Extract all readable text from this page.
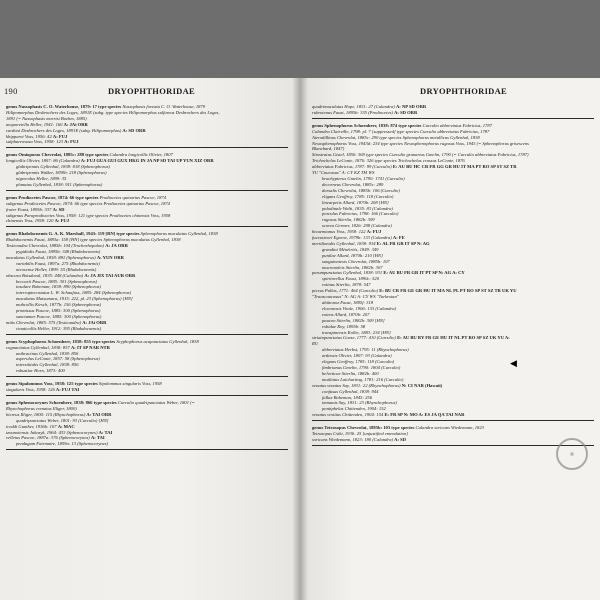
190	DRYOPHTHORIDAE	DRYOPHTHORIDAE
genus Nassophasis C. O. Waterhouse, 1879: 17 type species Nassophasis foveata C. O. Waterhouse, 1879
Hilipomorphus Desbrochers des Loges, 1891E (subg. type species Hilipomorphus sulfureus Desbrochers des Loges,
1891 (= Nassophasis morrisi Boehm, 1885)
aequoreiella Heller, 1941: 160 A: JAi ORR
cardoni Desbrochers des Loges, 1891E (subg. Hilipomorphus) A: SD ORR
khipparoi Voss, 1956: 42 A: FUJ
sulphureovasa Voss, 1958: 123 A: FUJ
genus Omioporas Chevrolat, 1885c: 288 type species Calandra longicollis Olivier, 1807
longicollis Olivier, 1807: 86 (Calandra) A: FUJ GUA GUI GUX HKG IN JA NP SD TAI UP YUN XIZ ORR
glabripennis Gyllenhal, 1838: 818 (Sphenophorus)
glabripennis Walker, 1859b: 218 (Sphenophorus)
nigrecolus Heller, 1899: 35
planatus Gyllenhal, 1838: 911 (Sphenophorus)
genus Prodiocetes Pascoe, 1874: 66 type species Prodiocetes quinarius Pascoe, 1874
subgenus Prodiocetes Pascoe, 1874: 66 type species Prodiocetes quinarius Pascoe, 1874
frater Faust, 1895b: 337 A: SD
subgenus Paraprodiocetes Voss, 1958: 121 type species Prodiocetes chinensis Voss, 1958
chinensis Voss, 1958: 120 A: FUJ
genus Rhabdocnemis G. A. K. Marshall, 1943: 119 [RN] type species Sphenophorus maculatus Gyllenhal, 1838
Rhabdocnemis Faust, 1883a: 158 [HN] type species Sphenophorus maculatus Gyllenhal, 1838
Testicandra Chevrolat, 1885b: 104 (Trochorhopalon) A: JA ORR
pygidialis Faust, 1895b: 348 (Rhabdocnemis)
maculatus Gyllenhal, 1838: 881 (Sphenophorus) A: YUN ORR
variabilis Faust, 1897a: 275 (Rhabdocnemis)
nicosense Heller, 1899: 55 (Rhabdocnemis)
obscura Boisduval, 1835: 448 (Calandra) A: JA JIX TAI AUR ORR
beccarii Pascoe, 1885: 301 (Sphenophorus)
insulare Boheman, 1838: 890 (Sphenophorus)
interruptecostatus L. W. Schaufuss, 1885: 284 (Sphenophorus)
maculatus Matsumura, 1915: 222, pl. 23 (Sphenophorus) [HN]
muhcollis Kirsch, 1877b: 156 (Sphenophorus)
promissus Pascoe, 1885: 300 (Sphenophorus)
sanctumar Pascoe, 1885: 300 (Sphenophorus)
mitis Chevrolat, 1885: 575 (Testicandra) A: JAi ORR
cinaticollis Heller, 1912: 395 (Rhabdocnemis)
genus Scyphophorus Schoenherr, 1838: 855 type species Scyphophorus acupunctatus Gyllenhal, 1838
cognacitatus Gyllenhal, 1838: 857 A: IT SP NAR NTR
anthracinus Gyllenhal, 1838: 856
asperulus LeConte, 1857: 58 (Sphenophorus)
interstitialis Gyllenhal, 1838: 856
robustior Horn, 1873: 400
genus Sipalommus Voss, 1958: 125 type species Sipalommus singularis Voss, 1958
singularis Voss, 1958: 126 A: FUJ TAI
genus Sphenocorynes Schoenherr, 1838: 866 type species Curculio quadripunctatus Weber, 1801 (=
Rhynchophorus crenatus Illiger, 1800)
bicreus Illiger, 1800: 115 (Rhynchophorus) A: TAI ORR
quadripunctatus Weber, 1801: 93 (Curculio) [HN]
iceddi Gunther, 1936b: 107 A: MAC
tzounotensis Jakozyk, 1964: 433 (Sphenocorynes) A: TAI
velletus Pascoe, 1887a: 376 (Sphenocorynes) A: TAI
pendagum Fairmaire, 1859a: 13 (Sphenocorynes)
quadrimaculatus Hope, 1831: 27 (Calandra) A: NP SD ORR
rubrotenus Faust, 1895b: 335 (Prodiocetes) A: SD ORR
genus Sphenophorus Schoenherr, 1838: 874 type species Curculio abbreviatus Fabricius, 1787
Calandra Clairville, 1798: pl. 7 [suppressed] type species Curculio abbreviatus Fabricius, 1787
Aterodillinus Chevrolat, 1885c: 290 type species Sphenophorus metallicus Gyllenhal, 1838
Nesosphenophorus Voss, 1943d: 234 type species Nesosphenophorus rugosus Voss, 1943 (= Sphenophorus grisescens
Blanchard, 1847)
Sitostratus Gistel, 1856: 369 type species Curculio granarius Gmelin, 1790 (= Curculio abbreviatus Fabricius, 1787)
Trichochelus LeConte, 1876: 326 type species Trichochelus crassus LeConte, 1876
abbreviatus Fabricius, 1787: 99 (Curculio) E: AU BU HC CR FR GG GR HU IT MA PT RO SP ST SZ TR
YU "Caucasus" A: CY KZ TM WS
brachypterus Gmelin, 1790: 1741 (Curculio)
decorneus Chevrolat, 1885c: 289
dorsalis Chevrolat, 1885b: 106 (Curculio)
eligans Geoffroy, 1785: 118 (Curculio)
linearpetis Allard, 1870b: 208 [HN]
palodinale Walti, 1835: 83 (Calandra)
porculus Fabricius, 1798: 166 (Curculio)
rugosus Stierlin, 1882b: 309
scorea Germer, 1826: 298 (Calandra)
bicaemianus Voss, 1958: 122 A: FUJ
fuceusivori Egorov, 1979b: 133 (Calandra) A: FE
meridionalis Gyllenhal, 1838: 934 E: AL FR GR IT SP N: AG
grandini Ménétriés, 1849: 349
punilae Allard, 1870b: 210 [HN]
sanguinotesis Chevrolat, 1885b: 107
mucronoleis Stierlin, 1882b: 307
parumpunctatus Gyllenhal, 1838: 931 E: AU BU FR GR IT PT SP N: AG A: CY
spiritorellus Faust, 1890c: 520
rotinus Stierlin, 1878: 547
piceus Pallas, 1771: 464 (Curculio) E: BU CR FR GE GR HU IT MA NL PL PT RO SP ST SZ TR UK YU
"Transcaucasus" N: AG A: CY WS "Turkestan"
abtitonoz Faust, 1885f: 318
eloconosis Vitale, 1906: 133 (Calandra)
extens Allard, 1870b: 207
paucon Stierlin, 1882b: 309 [HN]
robidae Roy, 1895b: 58
transpinensis Kolbe, 1883: 234 [HN]
striatopunctatus Goeze, 1777: 410 (Curculio) E: AU BU BY FR GE HU IT NL PT RO SP SZ UK YU A:
RU
abbreviatus Herbst, 1795: 11 (Rhynchophorus)
ardensis Olivier, 1807: 93 (Calandra)
elegans Geoffroy, 1785: 118 (Curculio)
fimbrianus Gmelin, 1790: 1804 (Curculio)
helveticae Stierlin, 1882b: 400
mutilatus Laicharting, 1781: 216 (Curculio)
venatus venatus Say, 1831: 22 (Rhynchophorus) N: CI NAR (Hawaii)
confusus Gyllenhal, 1838: 944
fallax Boheman, 1845: 256
immunis Say, 1831: 23 (Rhynchophorus)
pontiphelus Chittenden, 1904: 152
venatus vestitus Chittenden, 1904: 154 E: FR SP N: MO A: ES JA QA TAI NAR
genus Tetrasopus Chevrolat, 1885b: 103 type species Calandra soricans Wiedemann, 1823
Tetrasopus Csiki, 1936: 25 [unjustified emendation]
soricans Wiedemann, 1823: 180 (Calandra) A: SD
◀
❀
